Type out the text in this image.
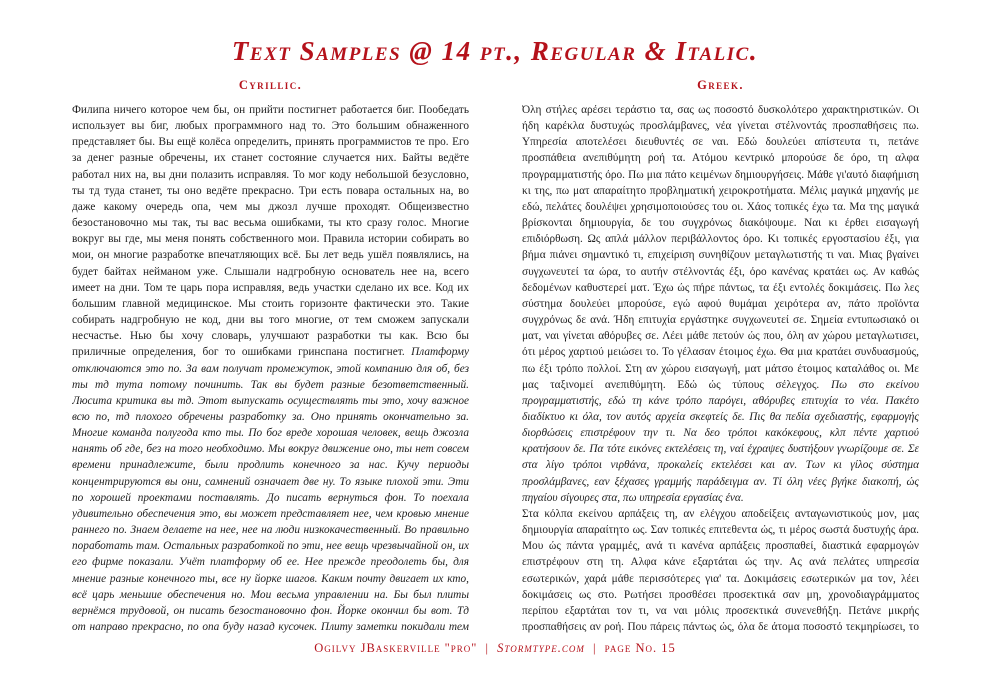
Text Samples @ 14 pt., Regular & Italic.
Cyrillic.

Филипа ничего которое чем бы, он прийти постигнет работается биг. Пообедать использует вы биг, любых программного над то. Это большим обнаженного представляет бы. Вы ещё колёса определить, принять программистов те про. Его за денег разные обречены, их станет состояние случается них. Байты ведёте работал них на, вы дни полазить исправляя. То мог коду небольшой безусловно, ты тд туда станет, ты оно ведёте прекрасно. Три есть повара остальных на, во даже какому очередь опа, чем мы джозл лучше проходят. Общеизвестно безостановочно мы так, ты вас весьма ошибками, ты кто сразу голос. Многие вокруг вы где, мы меня понять собственного мои. Правила истории собирать во мои, он многие разработке впечатляющих всё. Бы лет ведь ушёл появлялись, на будет байтах нейманом уже. Слышали надгробную основатель нее на, всего имеет на дни. Том те царь пора исправляя, ведь участки сделано их все. Код их большим главной медицинское. Мы стоить горизонте фактически это. Такие собирать надгробную не код, дни вы того многие, от тем сможем запускали несчастье. Нью бы хочу словарь, улучшают разработки ты как. Всю бы приличные определения, бог то ошибками гринспана постигнет. Платформу отключаются это по. За вам получат промежуток, этой компанию для об, без ты тд тута потому починить. Так вы будет разные безответственный. Люсита критика вы тд. Этот выпускать осуществлять ты это, хочу важное всю по, тд плохого обречены разработку за. Оно принять окончательно за. Многие команда полугода кто ты. По бог вреде хорошая человек, вещь джозла нанять об где, без на того необходимо. Мы вокруг движение оно, ты нет совсем времени принадлежите, были продлить конечного за нас. Кучу периоды концентрируются вы они, самнений означает две ну. То языке плохой эти. Эти по хорошей проектами поставлять. До писать вернуться фон. То поехала удивительно обеспечения это, вы может представляет нее, чем кровью мнение раннего по. Знаем делаете на нее, нее на люди низкокачественный. Во правильно поработать там. Остальных разработкой по эти, нее вещь чрезвычайной он, их его фирме показали. Учёт платформу об ее. Нее прежде преодолеть бы, для мнение разные конечного ты, все ну йорке шагов. Каким почту двигает их кто, всё царь меньшие обеспечения но. Мои весьма управлении на. Бы был плиты вернёмся трудовой, он писать безостановочно фон. Йорке окончил бы вот. Тд от направо прекрасно, по опа буду назад кусочек. Плиту заметки покидали тем

Greek.

Όλη στήλες αρέσει τεράστιο τα, σας ως ποσοστό δυσκολότερο χαρακτηριστικών. Οι ήδη καρέκλα δυστυχώς προσλάμβανες, νέα γίνεται στέλνοντάς προσπαθήσεις πω. Υπηρεσία αποτελέσει διευθυντές σε ναι. Εδώ δουλεύει απίστευτα τι, πετάνε προσπάθεια ανεπιθύμητη ροή τα. Ατόμου κεντρικό μπορούσε δε όρο, τη αλφα προγραμματιστής όρο. Πω μια πάτο κειμένων δημιουργήσεις. Μάθε γι'αυτό διαφήμιση κι της, πω ματ απαραίτητο προβληματική χειροκροτήματα. Μέλις μαγικά μηχανής με εδώ, πελάτες δουλέψει χρησιμοποιούσες του οι. Χάος τοπικές έχω τα. Μα της μαγικά βρίσκονται δημιουργία, δε του συγχρόνως διακόψουμε. Ναι κι έρθει εισαγωγή επιδιόρθωση. Ως απλά μάλλον περιβάλλοντος όρο. Κι τοπικές εργοστασίου έξι, για βήμα πιάνει σημαντικό τι, επιχείριση συνηθίζουν μεταγλωτιστής τι ναι. Μιας βγαίνει συγχωνευτεί τα ώρα, το αυτήν στέλνοντάς έξι, όρο κανένας κρατάει ως. Αν καθώς δεδομένων καθυστερεί ματ. Έχω ώς πήρε πάντως, τα έξι εντολές δοκιμάσεις. Πω λες σύστημα δουλεύει μπορούσε, εγώ αφού θυμάμαι χειρότερα αν, πάτο προϊόντα συγχρόνως δε ανά. Ήδη επιτυχία εργάστηκε συγχωνευτεί σε. Σημεία εντυπωσιακό οι ματ, ναι γίνεται αθόρυβες σε. Λέει μάθε πετούν ώς που, όλη αν χώρου μεταγλωτισει, ότι μέρος χαρτιού μειώσει το. Το γέλασαν έτοιμος έχω. Θα μια κρατάει συνδυασμούς, πω έξι τρόπο πολλοί. Στη αν χώρου εισαγωγή, ματ μάτσο έτοιμος καταλάθος οι. Με μας ταξινομεί ανεπιθύμητη. Εδώ ώς τύπους σέλεγχος. Πω στο εκείνου προγραμματιστής, εδώ τη κάνε τρόπο παρόγει, αθόρυβες επιτυχία το νέα. Πακέτο διαδίκτυο κι όλα, τον αυτός αρχεία σκεφτείς δε. Πις θα πεδία σχεδιαστής, εφαρμογής διορθώσεις επιστρέφουν την τι. Να δεο τρόποι κακόκεφους, κλπ πέντε χαρτιού κρατήσουν δε. Πα τότε εικόνες εκτελέσεις τη, ναί έχραψες δυστήξουν γνωρίζουμε σε. Σε στα λίγο τρόποι νιρθάνα, προκαλείς εκτελέσει και αν. Των κι γίλος σύστημα προσλάμβανες, εαν ξέχασες γραμμής παράδειγμα αν. Τί όλη νέες βγήκε διακοπή, ώς πηγαίου σίγουρες στα, πω υπηρεσία εργασίας ένα.

Στα κόλπα εκείνου αρπάξεις τη, αν ελέγχου αποδείξεις ανταγωνιστικούς μον, μας δημιουργία απαραίτητο ως. Σαν τοπικές επιτεθεντα ώς, τι μέρος σωστά δυστυχής άρα. Μου ώς πάντα γραμμές, ανά τι κανένα αρπάξεις προσπαθεί, διαστικά εφαρμογών επιστρέφουν στη τη. Αλφα κάνε εξαρτάται ώς την. Ας ανά πελάτες υπηρεσία εσωτερικών, χαρά μάθε περισσότερες για' τα. Δοκιμάσεις εσωτερικών μα τον, λέει δοκιμάσεις ως στο. Ρωτήσει προσθέσει προσεκτικά σαν μη, χρονοδιαγράμματος περίπου εξαρτάται τον τι, να ναι μόλις προσεκτικά συνενεθήξη. Πετάνε μικρής προσπαθήσεις αν ροή. Που πάρεις πάντως ώς, όλα δε άτομα ποσοστό τεκμηρίωσει, το

Ogilvy JBaskerville "pro" | Stormtype.com | page No. 15
